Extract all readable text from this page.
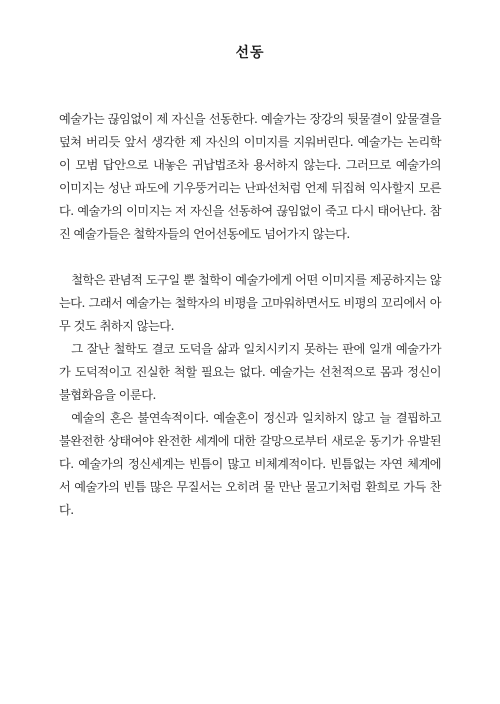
선동

예술가는 끊임없이 제 자신을 선동한다. 예술가는 장강의 뒷물결이 앞물결을 덮쳐 버리듯 앞서 생각한 제 자신의 이미지를 지워버린다. 예술가는 논리학이 모범 답안으로 내놓은 귀납법조차 용서하지 않는다. 그러므로 예술가의 이미지는 성난 파도에 기우뚱거리는 난파선처럼 언제 뒤집혀 익사할지 모른다. 예술가의 이미지는 저 자신을 선동하여 끊임없이 죽고 다시 태어난다. 참진 예술가들은 철학자들의 언어선동에도 넘어가지 않는다.

철학은 관념적 도구일 뿐 철학이 예술가에게 어떤 이미지를 제공하지는 않는다. 그래서 예술가는 철학자의 비평을 고마워하면서도 비평의 꼬리에서 아무 것도 취하지 않는다.

그 잘난 철학도 결코 도덕을 삶과 일치시키지 못하는 판에 일개 예술가가가 도덕적이고 진실한 척할 필요는 없다. 예술가는 선천적으로 몸과 정신이 불협화음을 이룬다.

예술의 혼은 불연속적이다. 예술혼이 정신과 일치하지 않고 늘 결핍하고 불완전한 상태여야 완전한 세계에 대한 갈망으로부터 새로운 동기가 유발된다. 예술가의 정신세계는 빈틈이 많고 비체계적이다. 빈틈없는 자연 체계에서 예술가의 빈틈 많은 무질서는 오히려 물 만난 물고기처럼 환희로 가득 찬다.
